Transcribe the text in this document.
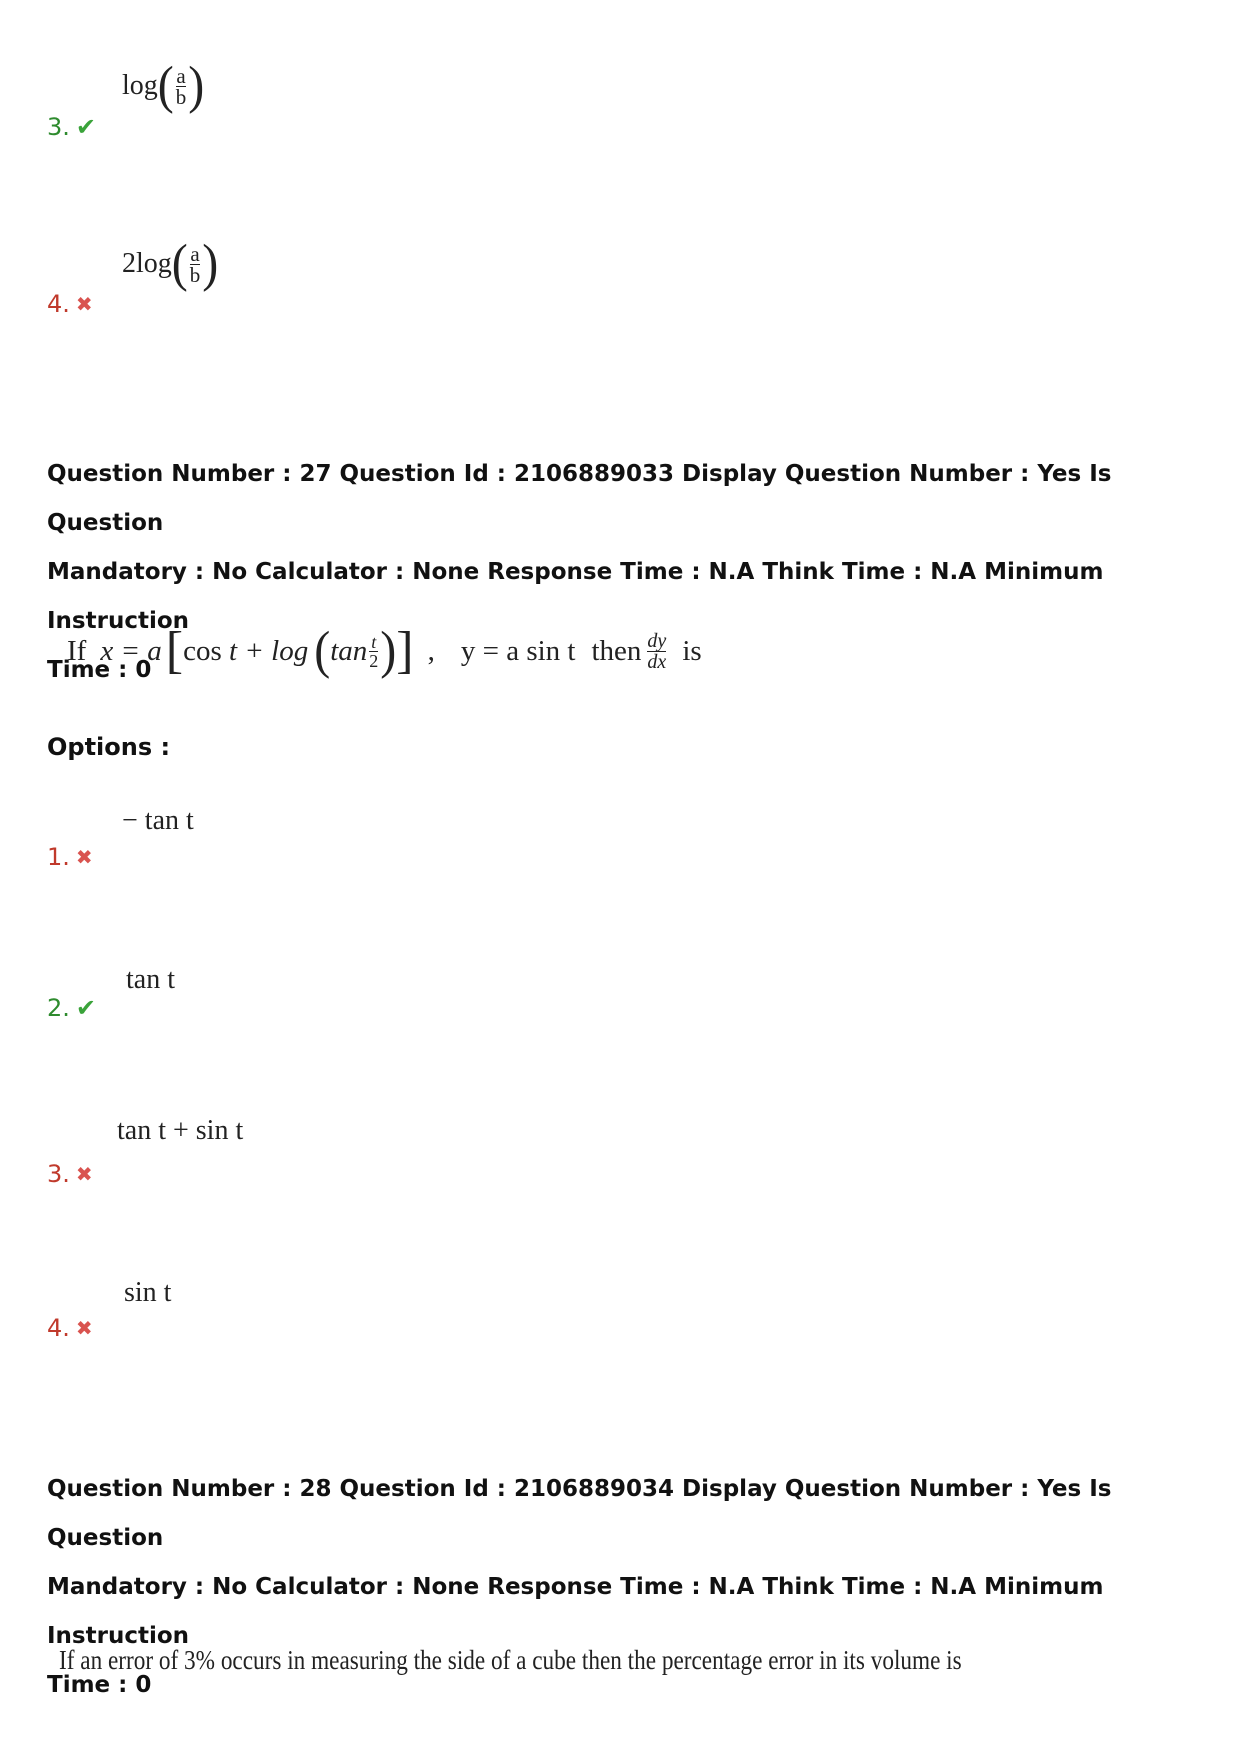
log ( $\frac{a}{b}$ )
3. ✔
2log ( $\frac{a}{b}$ )
4. ✖
Question Number : 27 Question Id : 2106889033 Display Question Number : Yes Is Question
Mandatory : No Calculator : None Response Time : N.A Think Time : N.A Minimum Instruction
Time : 0
If x = a [ cos t + log ( $\tan \frac{t}{2}$ ) ] , y = a sin t then $\frac{dy}{dx}$ is
Options :
− tan t
1. ✖
tan t
2. ✔
tan t + sin t
3. ✖
sin t
4. ✖
Question Number : 28 Question Id : 2106889034 Display Question Number : Yes Is Question
Mandatory : No Calculator : None Response Time : N.A Think Time : N.A Minimum Instruction
Time : 0
If an error of 3% occurs in measuring the side of a cube then the percentage error in its volume is
